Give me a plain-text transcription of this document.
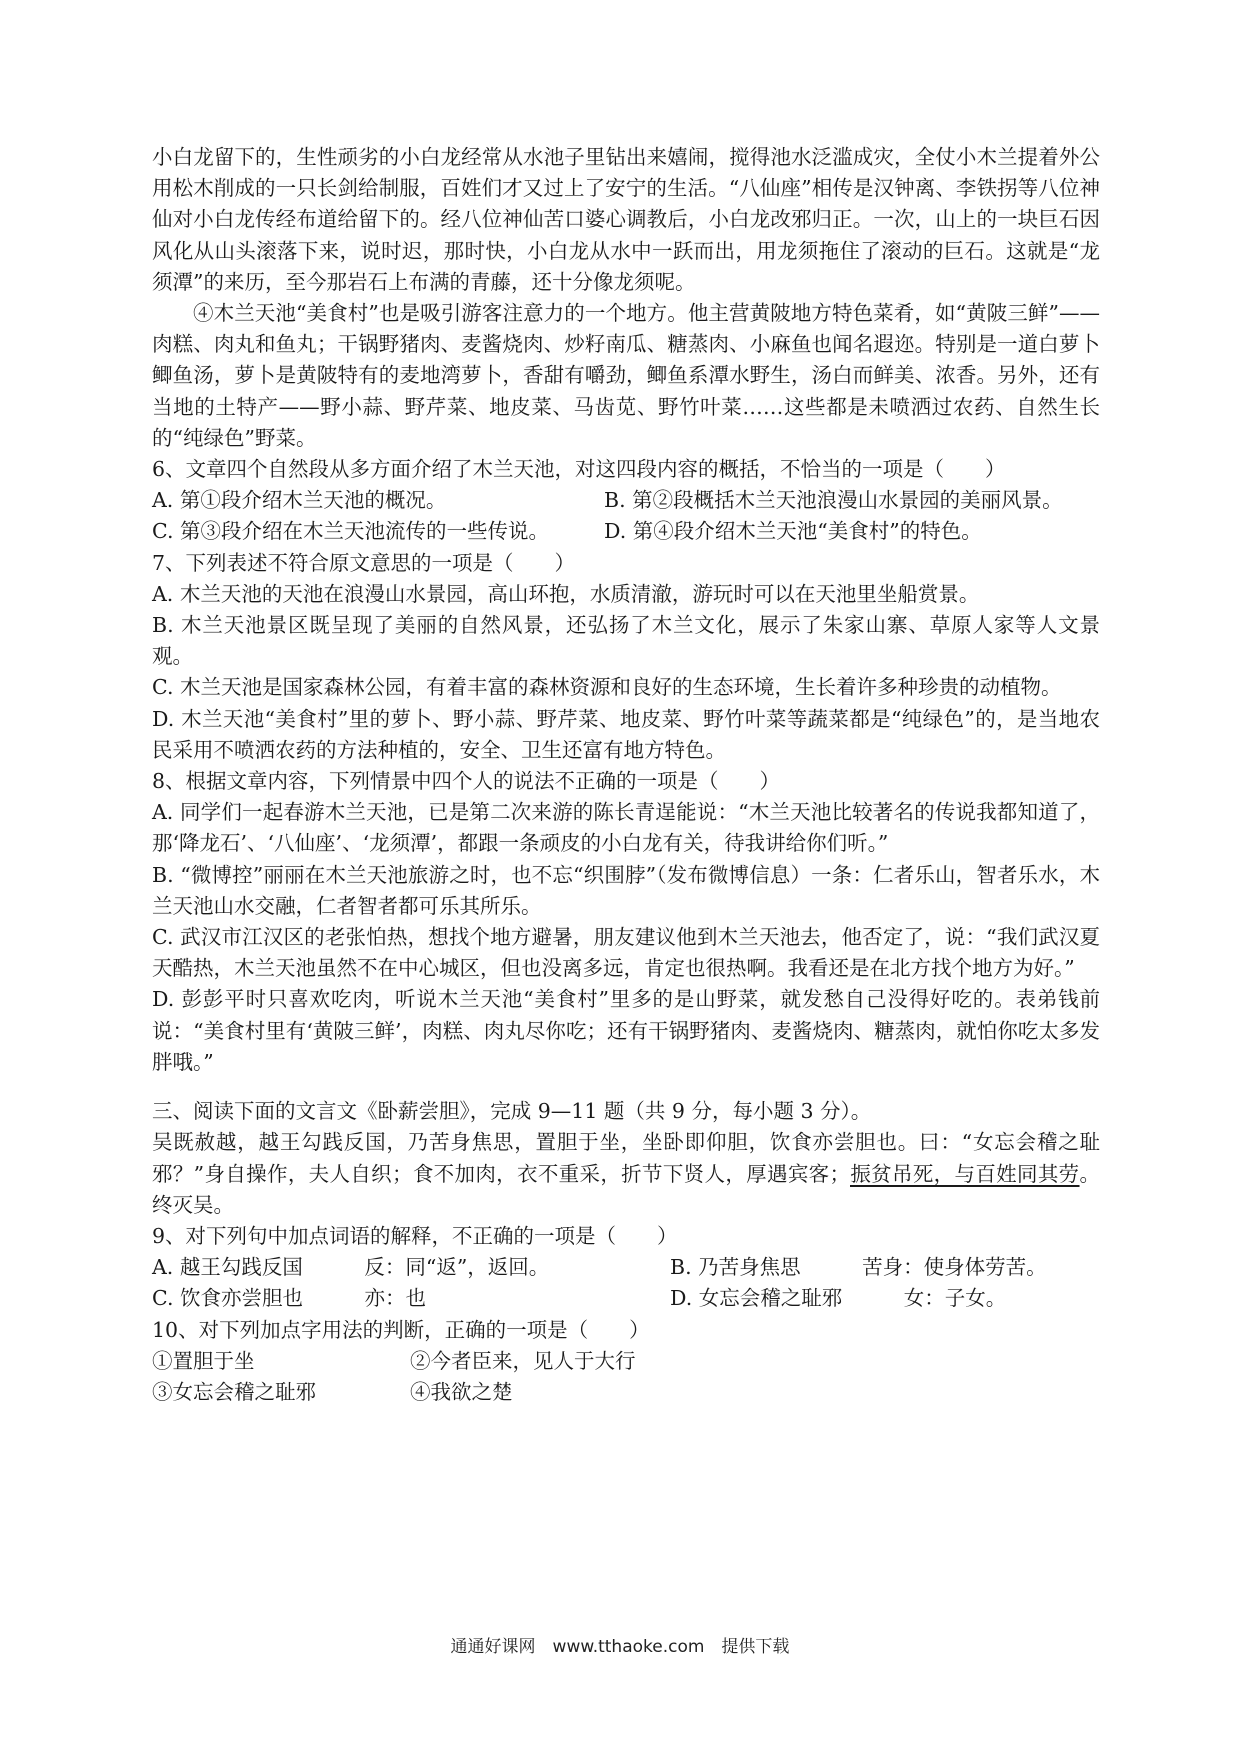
小白龙留下的，生性顽劣的小白龙经常从水池子里钻出来嬉闹，搅得池水泛滥成灾，全仗小木兰提着外公用松木削成的一只长剑给制服，百姓们才又过上了安宁的生活。“八仙座”相传是汉钟离、李铁拐等八位神仙对小白龙传经布道给留下的。经八位神仙苦口婆心调教后，小白龙改邪归正。一次，山上的一块巨石因风化从山头滚落下来，说时迟，那时快，小白龙从水中一跃而出，用龙须拖住了滚动的巨石。这就是“龙须潭”的来历，至今那岩石上布满的青藤，还十分像龙须呢。

④木兰天池“美食村”也是吸引游客注意力的一个地方。他主营黄陂地方特色菜肴，如“黄陂三鲜”——肉糕、肉丸和鱼丸；干锅野猪肉、麦酱烧肉、炒籽南瓜、糖蒸肉、小麻鱼也闻名遐迩。特别是一道白萝卜鲫鱼汤，萝卜是黄陂特有的麦地湾萝卜，香甜有嚼劲，鲫鱼系潭水野生，汤白而鲜美、浓香。另外，还有当地的土特产——野小蒜、野芹菜、地皮菜、马齿苋、野竹叶菜……这些都是未喷洒过农药、自然生长的“纯绿色”野菜。

6、文章四个自然段从多方面介绍了木兰天池，对这四段内容的概括，不恰当的一项是（　　）

A. 第①段介绍木兰天池的概况。	B. 第②段概括木兰天池浪漫山水景园的美丽风景。
C. 第③段介绍在木兰天池流传的一些传说。	D. 第④段介绍木兰天池“美食村”的特色。

7、下列表述不符合原文意思的一项是（　　）

A. 木兰天池的天池在浪漫山水景园，高山环抱，水质清澈，游玩时可以在天池里坐船赏景。

B. 木兰天池景区既呈现了美丽的自然风景，还弘扬了木兰文化，展示了朱家山寨、草原人家等人文景观。

C. 木兰天池是国家森林公园，有着丰富的森林资源和良好的生态环境，生长着许多种珍贵的动植物。

D. 木兰天池“美食村”里的萝卜、野小蒜、野芹菜、地皮菜、野竹叶菜等蔬菜都是“纯绿色”的，是当地农民采用不喷洒农药的方法种植的，安全、卫生还富有地方特色。

8、根据文章内容，下列情景中四个人的说法不正确的一项是（　　）

A. 同学们一起春游木兰天池，已是第二次来游的陈长青逞能说：“木兰天池比较著名的传说我都知道了，那‘降龙石’、‘八仙座’、‘龙须潭’，都跟一条顽皮的小白龙有关，待我讲给你们听。”

B. “微博控”丽丽在木兰天池旅游之时，也不忘“织围脖”（发布微博信息）一条：仁者乐山，智者乐水，木兰天池山水交融，仁者智者都可乐其所乐。

C. 武汉市江汉区的老张怕热，想找个地方避暑，朋友建议他到木兰天池去，他否定了，说：“我们武汉夏天酷热，木兰天池虽然不在中心城区，但也没离多远，肯定也很热啊。我看还是在北方找个地方为好。”

D. 彭彭平时只喜欢吃肉，听说木兰天池“美食村”里多的是山野菜，就发愁自己没得好吃的。表弟钱前说：“美食村里有‘黄陂三鲜’，肉糕、肉丸尽你吃；还有干锅野猪肉、麦酱烧肉、糖蒸肉，就怕你吃太多发胖哦。”

三、阅读下面的文言文《卧薪尝胆》，完成 9—11 题（共 9 分，每小题 3 分）。

吴既赦越，越王勾践反国，乃苦身焦思，置胆于坐，坐卧即仰胆，饮食亦尝胆也。曰：“女忘会稽之耻邪？”身自操作，夫人自织；食不加肉，衣不重采，折节下贤人，厚遇宾客；振贫吊死，与百姓同其劳。终灭吴。

9、对下列句中加点词语的解释，不正确的一项是（　　）

A. 越王勾践反国　　　反：同“返”，返回。	B. 乃苦身焦思　　　苦身：使身体劳苦。
C. 饮食亦尝胆也　　　亦：也	D. 女忘会稽之耻邪　　　女：子女。

10、对下列加点字用法的判断，正确的一项是（　　）

①置胆于坐	②今者臣来，见人于大行
③女忘会稽之耻邪	④我欲之楚
通通好课网　www.tthaoke.com　提供下载
